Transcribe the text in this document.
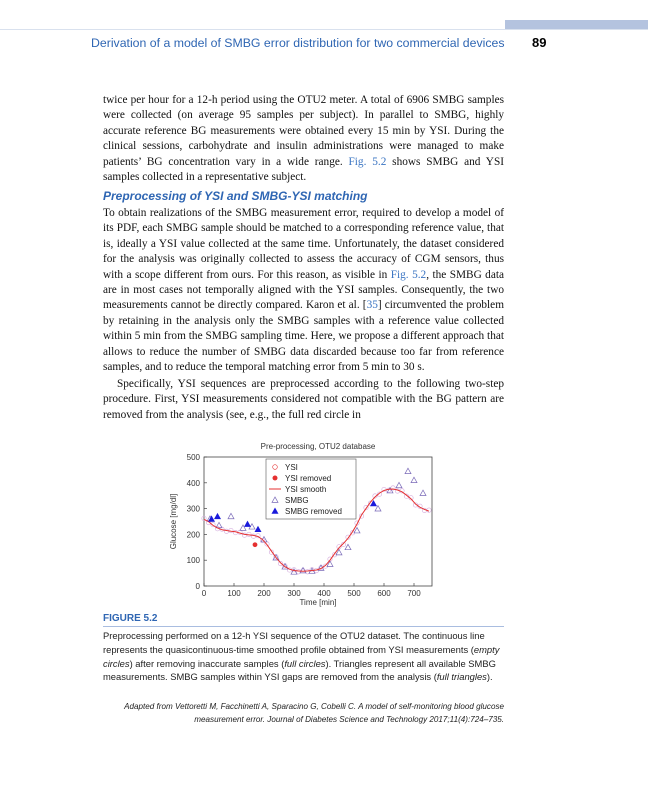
Derivation of a model of SMBG error distribution for two commercial devices	89

twice per hour for a 12-h period using the OTU2 meter. A total of 6906 SMBG samples were collected (on average 95 samples per subject). In parallel to SMBG, highly accurate reference BG measurements were obtained every 15 min by YSI. During the clinical sessions, carbohydrate and insulin administrations were managed to make patients’ BG concentration vary in a wide range. Fig. 5.2 shows SMBG and YSI samples collected in a representative subject.

Preprocessing of YSI and SMBG-YSI matching

To obtain realizations of the SMBG measurement error, required to develop a model of its PDF, each SMBG sample should be matched to a corresponding reference value, that is, ideally a YSI value collected at the same time. Unfortunately, the dataset considered for the analysis was originally collected to assess the accuracy of CGM sensors, thus with a scope different from ours. For this reason, as visible in Fig. 5.2, the SMBG data are in most cases not temporally aligned with the YSI samples. Consequently, the two measurements cannot be directly compared. Karon et al. [35] circumvented the problem by retaining in the analysis only the SMBG samples with a reference value collected within 5 min from the SMBG sampling time. Here, we propose a different approach that allows to reduce the number of SMBG data discarded because too far from reference samples, and to reduce the temporal matching error from 5 min to 30 s.

Specifically, YSI sequences are preprocessed according to the following two-step procedure. First, YSI measurements considered not compatible with the BG pattern are removed from the analysis (see, e.g., the full red circle in

Pre-processing, OTU2 database
0
100
200
300
400
500
0	100 200 300 400 500 600 700
Time [min]
Glucose [mg/dl]
YSI
YSI removed
YSI smooth
SMBG
SMBG removed
FIGURE 5.2

Preprocessing performed on a 12-h YSI sequence of the OTU2 dataset. The continuous line represents the quasicontinuous-time smoothed profile obtained from YSI measurements (empty circles) after removing inaccurate samples (full circles). Triangles represent all available SMBG measurements. SMBG samples within YSI gaps are removed from the analysis (full triangles).

Adapted from Vettoretti M, Facchinetti A, Sparacino G, Cobelli C. A model of self-monitoring blood glucose measurement error. Journal of Diabetes Science and Technology 2017;11(4):724–735.
